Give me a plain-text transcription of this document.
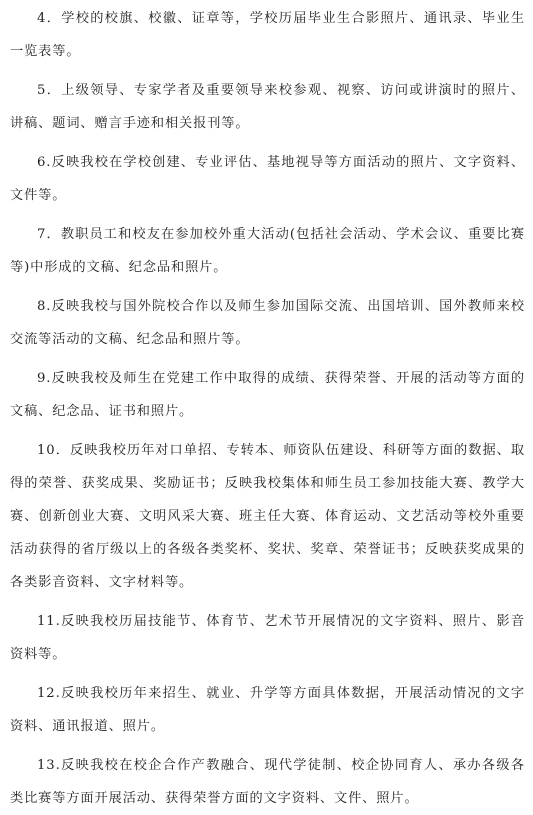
4．学校的校旗、校徽、证章等，学校历届毕业生合影照片、通讯录、毕业生一览表等。

5．上级领导、专家学者及重要领导来校参观、视察、访问或讲演时的照片、讲稿、题词、赠言手迹和相关报刊等。

6.反映我校在学校创建、专业评估、基地视导等方面活动的照片、文字资料、文件等。

7．教职员工和校友在参加校外重大活动(包括社会活动、学术会议、重要比赛等)中形成的文稿、纪念品和照片。

8.反映我校与国外院校合作以及师生参加国际交流、出国培训、国外教师来校交流等活动的文稿、纪念品和照片等。

9.反映我校及师生在党建工作中取得的成绩、获得荣誉、开展的活动等方面的文稿、纪念品、证书和照片。

10．反映我校历年对口单招、专转本、师资队伍建设、科研等方面的数据、取得的荣誉、获奖成果、奖励证书；反映我校集体和师生员工参加技能大赛、教学大赛、创新创业大赛、文明风采大赛、班主任大赛、体育运动、文艺活动等校外重要活动获得的省厅级以上的各级各类奖杯、奖状、奖章、荣誉证书；反映获奖成果的各类影音资料、文字材料等。

11.反映我校历届技能节、体育节、艺术节开展情况的文字资料、照片、影音资料等。

12.反映我校历年来招生、就业、升学等方面具体数据，开展活动情况的文字资料、通讯报道、照片。

13.反映我校在校企合作产教融合、现代学徒制、校企协同育人、承办各级各类比赛等方面开展活动、获得荣誉方面的文字资料、文件、照片。
